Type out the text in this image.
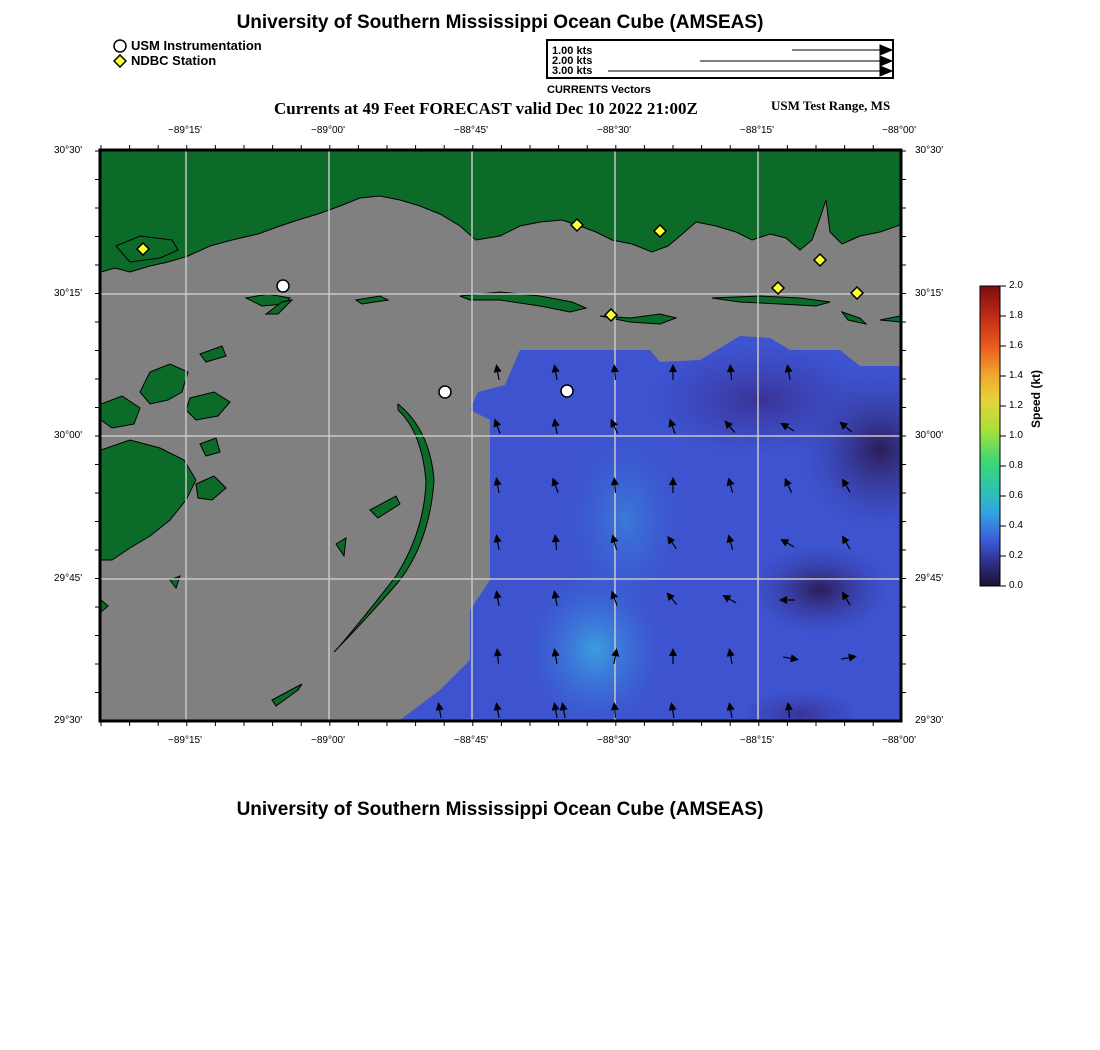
University of Southern Mississippi Ocean Cube (AMSEAS)
USM Instrumentation
NDBC Station
1.00 kts
2.00 kts
3.00 kts
CURRENTS Vectors
Currents at 49 Feet FORECAST valid Dec 10 2022 21:00Z	USM Test Range, MS
−89°15'	−89°00'	−88°45'	−88°30'	−88°15'	−88°00'
−89°15'	−89°00'	−88°45'	−88°30'	−88°15'	−88°00'
30°30'
30°15'
30°00'
29°45'
29°30'
30°30'
30°15'
30°00'
29°45'
29°30'
2.0
1.8
1.6
1.4
1.2
1.0
0.8
0.6
0.4
0.2
0.0
Speed (kt)
University of Southern Mississippi Ocean Cube (AMSEAS)
